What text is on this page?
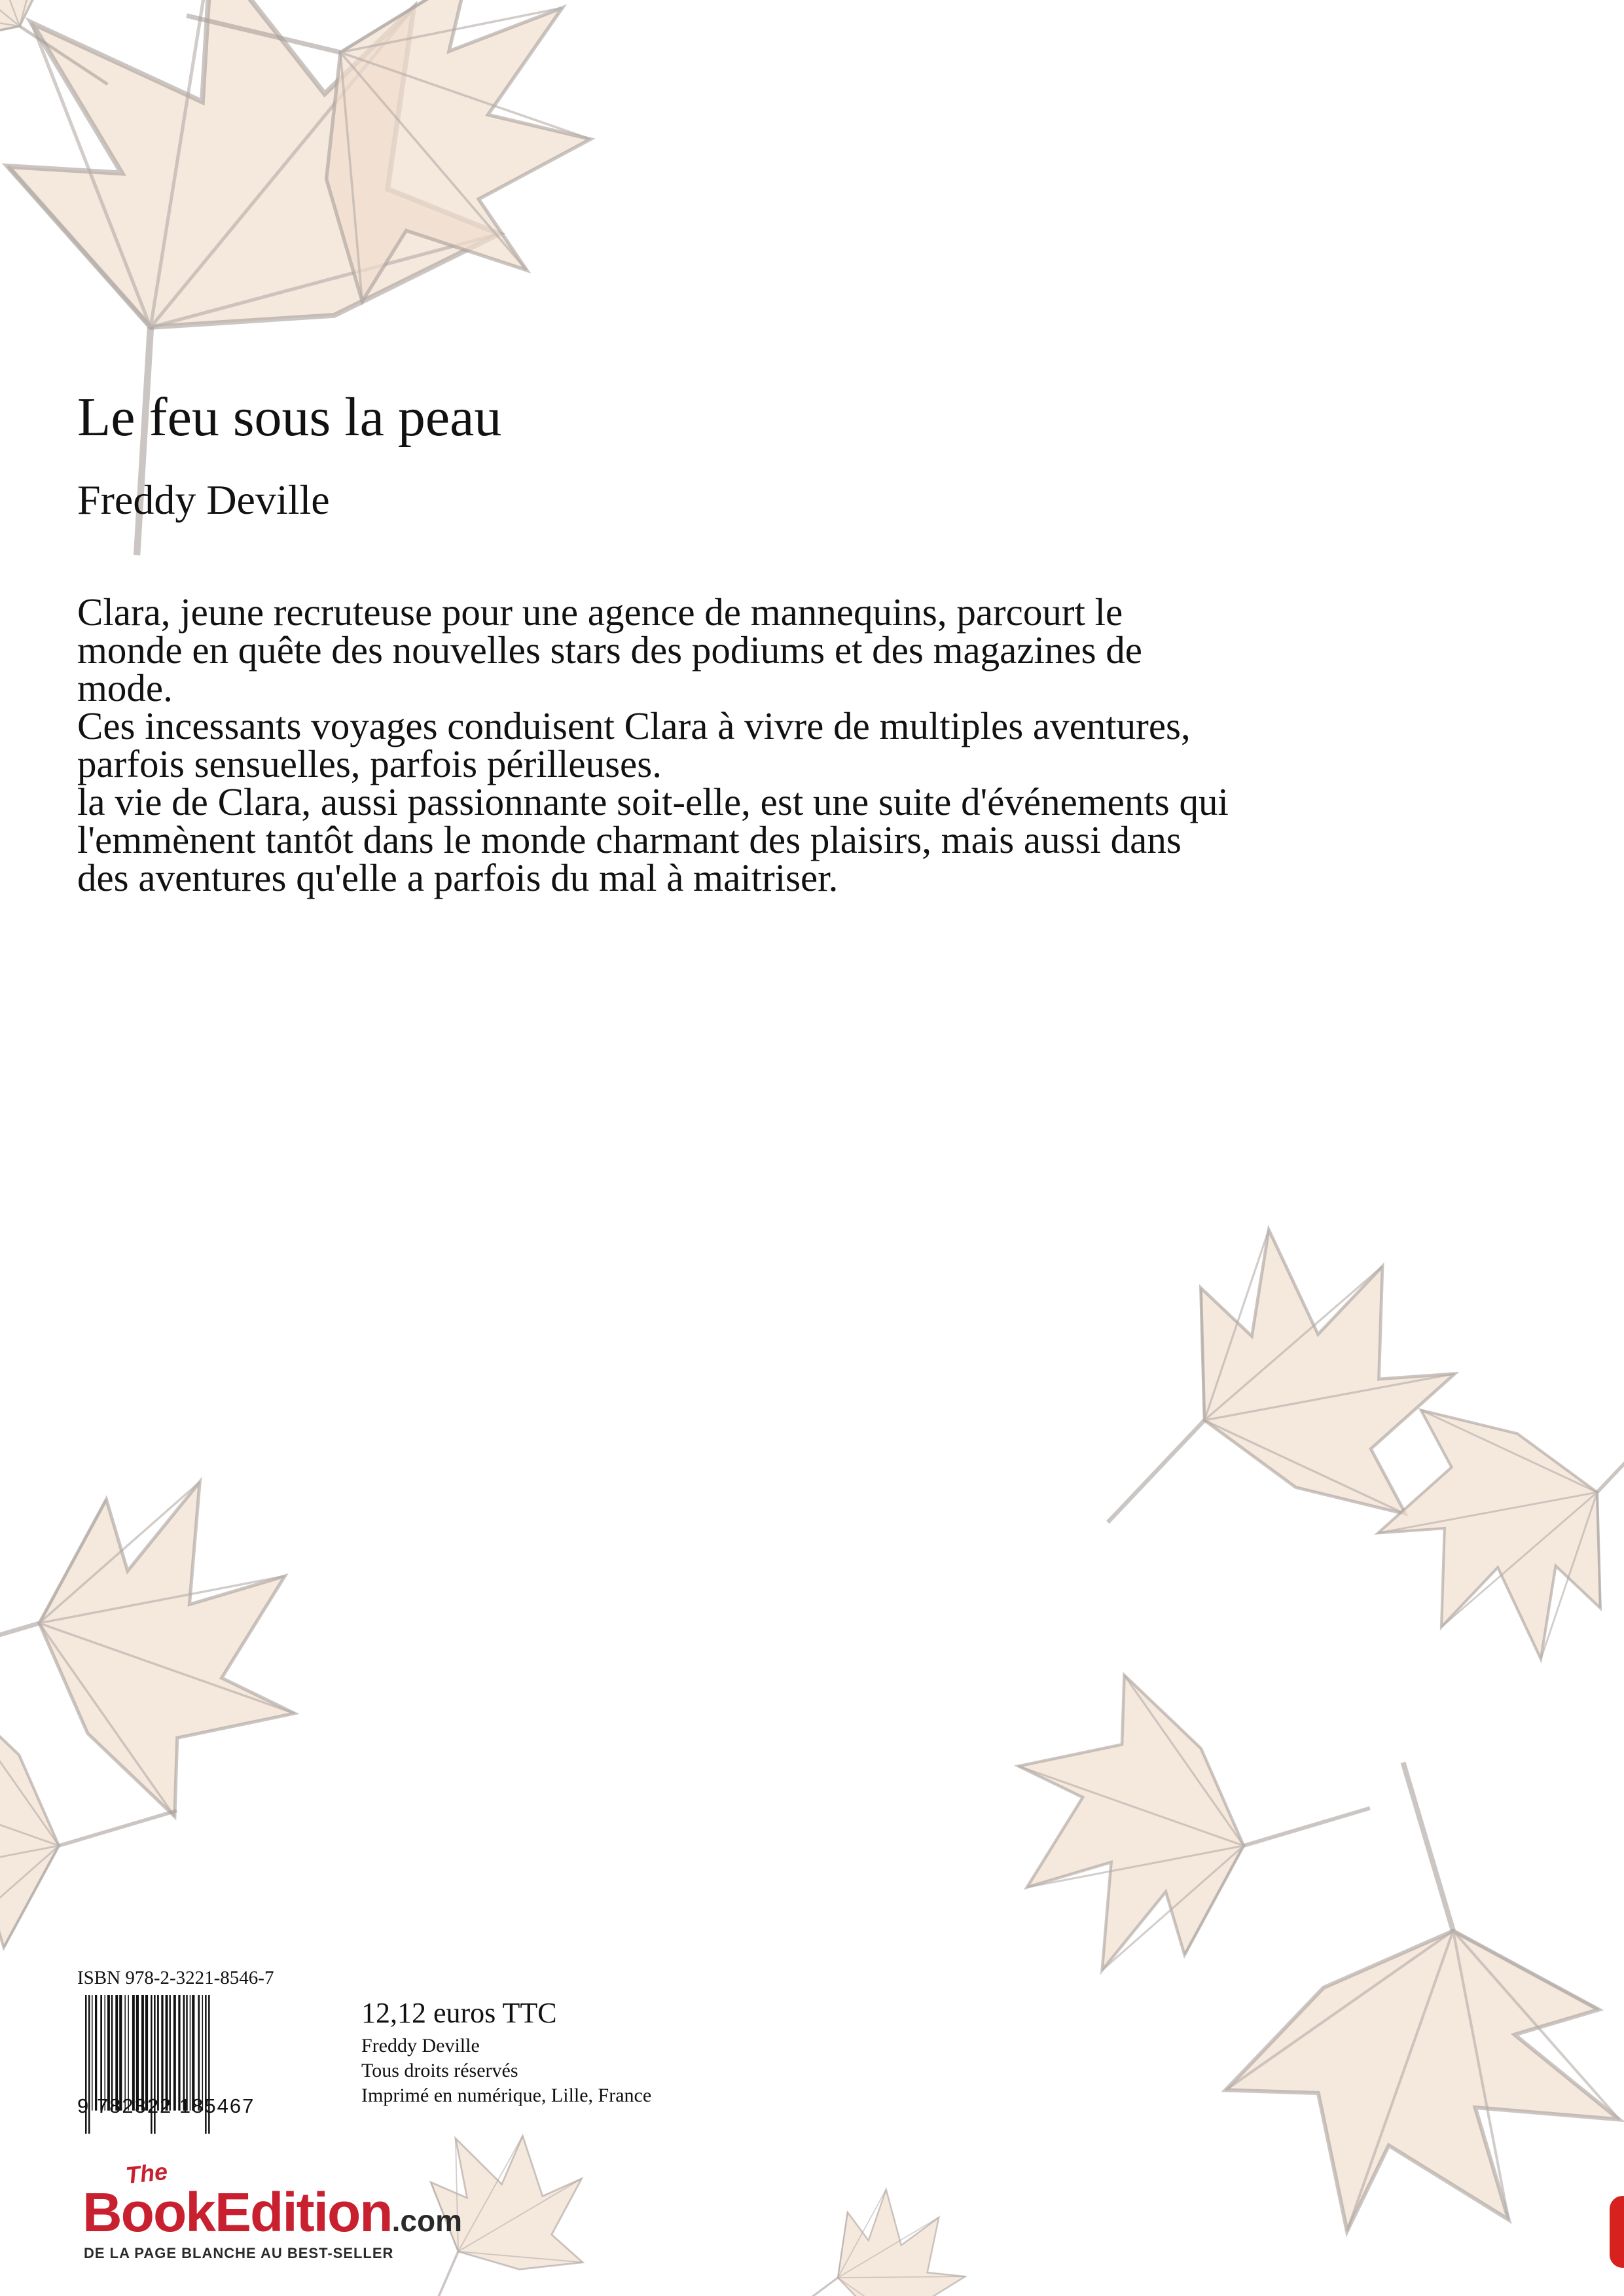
Le feu sous la peau
Freddy Deville

Clara, jeune recruteuse pour une agence de mannequins, parcourt le monde en quête des nouvelles stars des podiums et des magazines de mode.

Ces incessants voyages conduisent Clara à vivre de multiples aventures, parfois sensuelles, parfois périlleuses.

la vie de Clara, aussi passionnante soit-elle, est une suite d'événements qui l'emmènent tantôt dans le monde charmant des plaisirs, mais aussi dans des aventures qu'elle a parfois du mal à maitriser.

ISBN 978-2-3221-8546-7
9 782322 185467
12,12 euros TTC
Freddy Deville
Tous droits réservés
Imprimé en numérique, Lille, France
The
BookEdition.com
DE LA PAGE BLANCHE AU BEST-SELLER
